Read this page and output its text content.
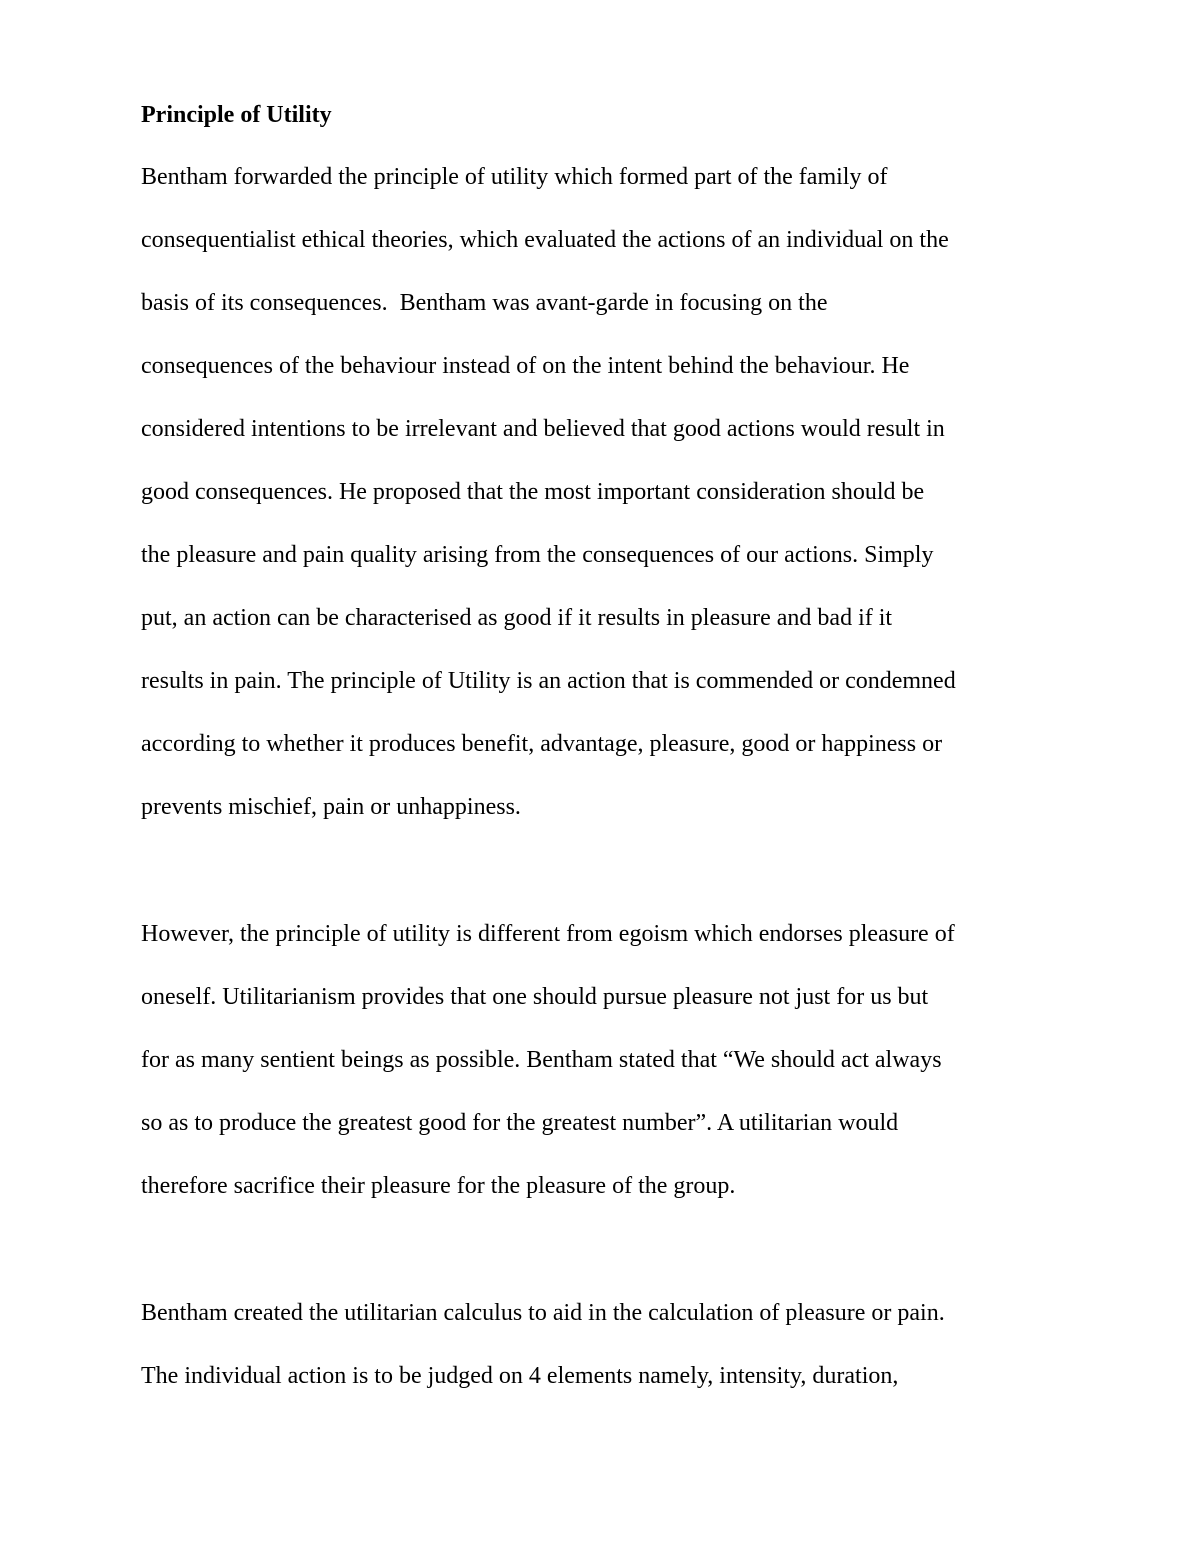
Principle of Utility
Bentham forwarded the principle of utility which formed part of the family of
consequentialist ethical theories, which evaluated the actions of an individual on the
basis of its consequences.  Bentham was avant-garde in focusing on the
consequences of the behaviour instead of on the intent behind the behaviour. He
considered intentions to be irrelevant and believed that good actions would result in
good consequences. He proposed that the most important consideration should be
the pleasure and pain quality arising from the consequences of our actions. Simply
put, an action can be characterised as good if it results in pleasure and bad if it
results in pain. The principle of Utility is an action that is commended or condemned
according to whether it produces benefit, advantage, pleasure, good or happiness or
prevents mischief, pain or unhappiness.
However, the principle of utility is different from egoism which endorses pleasure of
oneself. Utilitarianism provides that one should pursue pleasure not just for us but
for as many sentient beings as possible. Bentham stated that “We should act always
so as to produce the greatest good for the greatest number”. A utilitarian would
therefore sacrifice their pleasure for the pleasure of the group.
Bentham created the utilitarian calculus to aid in the calculation of pleasure or pain.
The individual action is to be judged on 4 elements namely, intensity, duration,
